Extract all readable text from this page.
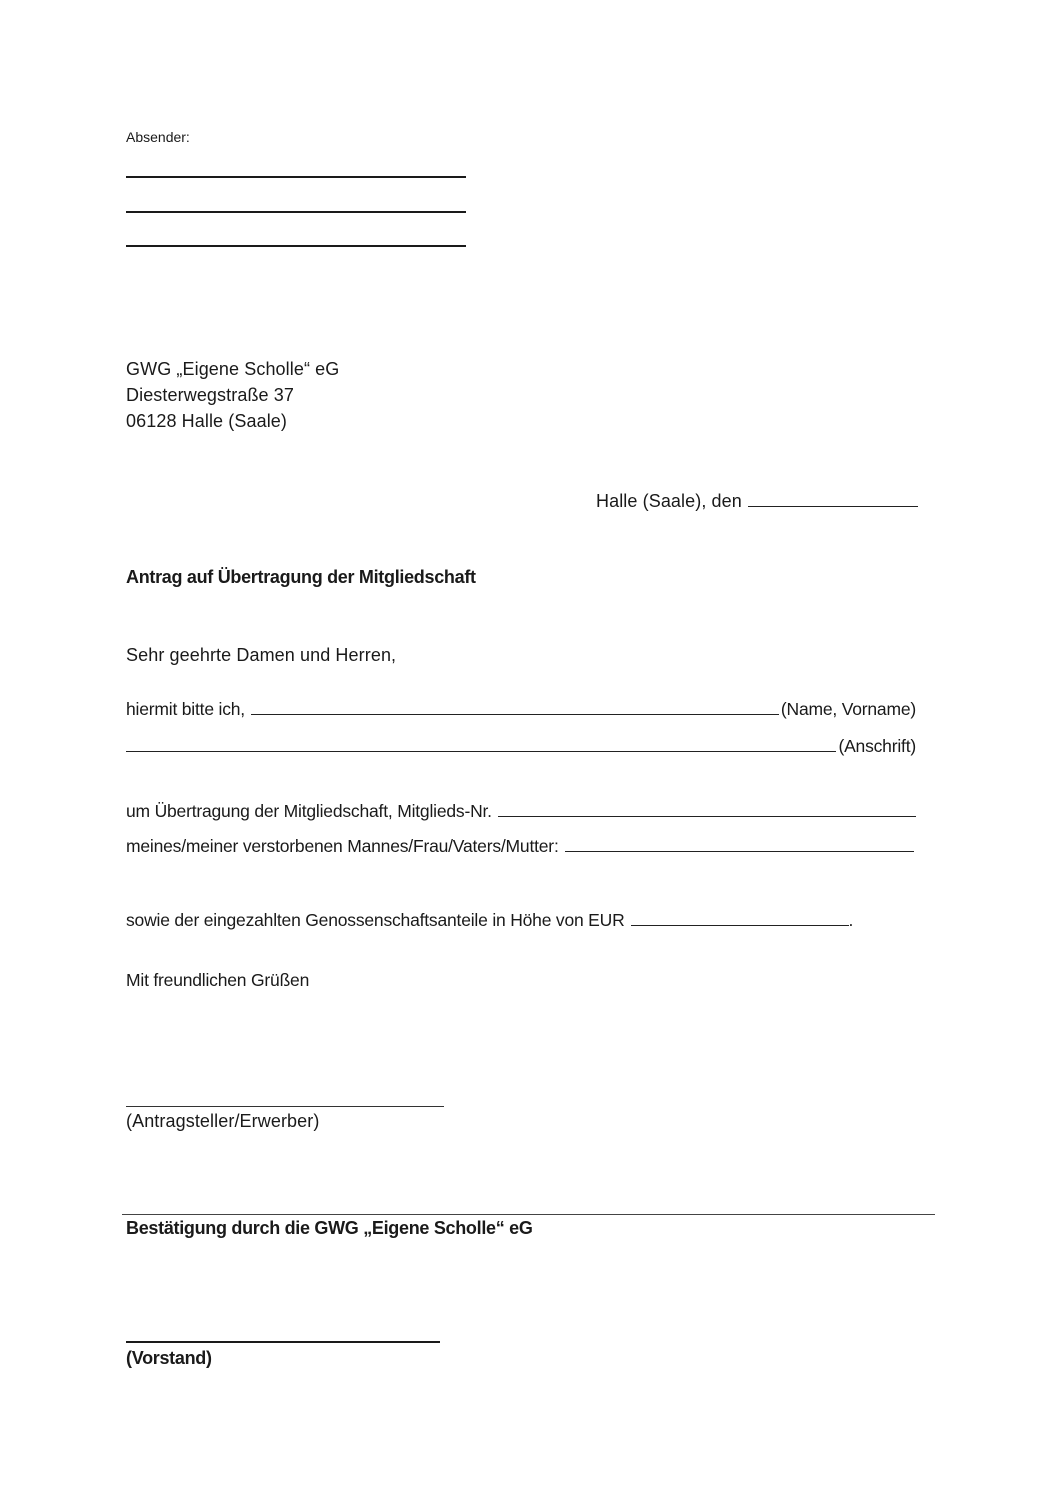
Absender:
GWG „Eigene Scholle“ eG
Diesterwegstraße 37
06128 Halle (Saale)
Halle (Saale), den
Antrag auf Übertragung der Mitgliedschaft
Sehr geehrte Damen und Herren,
hiermit bitte ich,	(Name, Vorname)
(Anschrift)
um Übertragung der Mitgliedschaft, Mitglieds-Nr.
meines/meiner verstorbenen Mannes/Frau/Vaters/Mutter:
sowie der eingezahlten Genossenschaftsanteile in Höhe von EUR	.
Mit freundlichen Grüßen
(Antragsteller/Erwerber)
Bestätigung durch die GWG „Eigene Scholle“ eG
(Vorstand)
